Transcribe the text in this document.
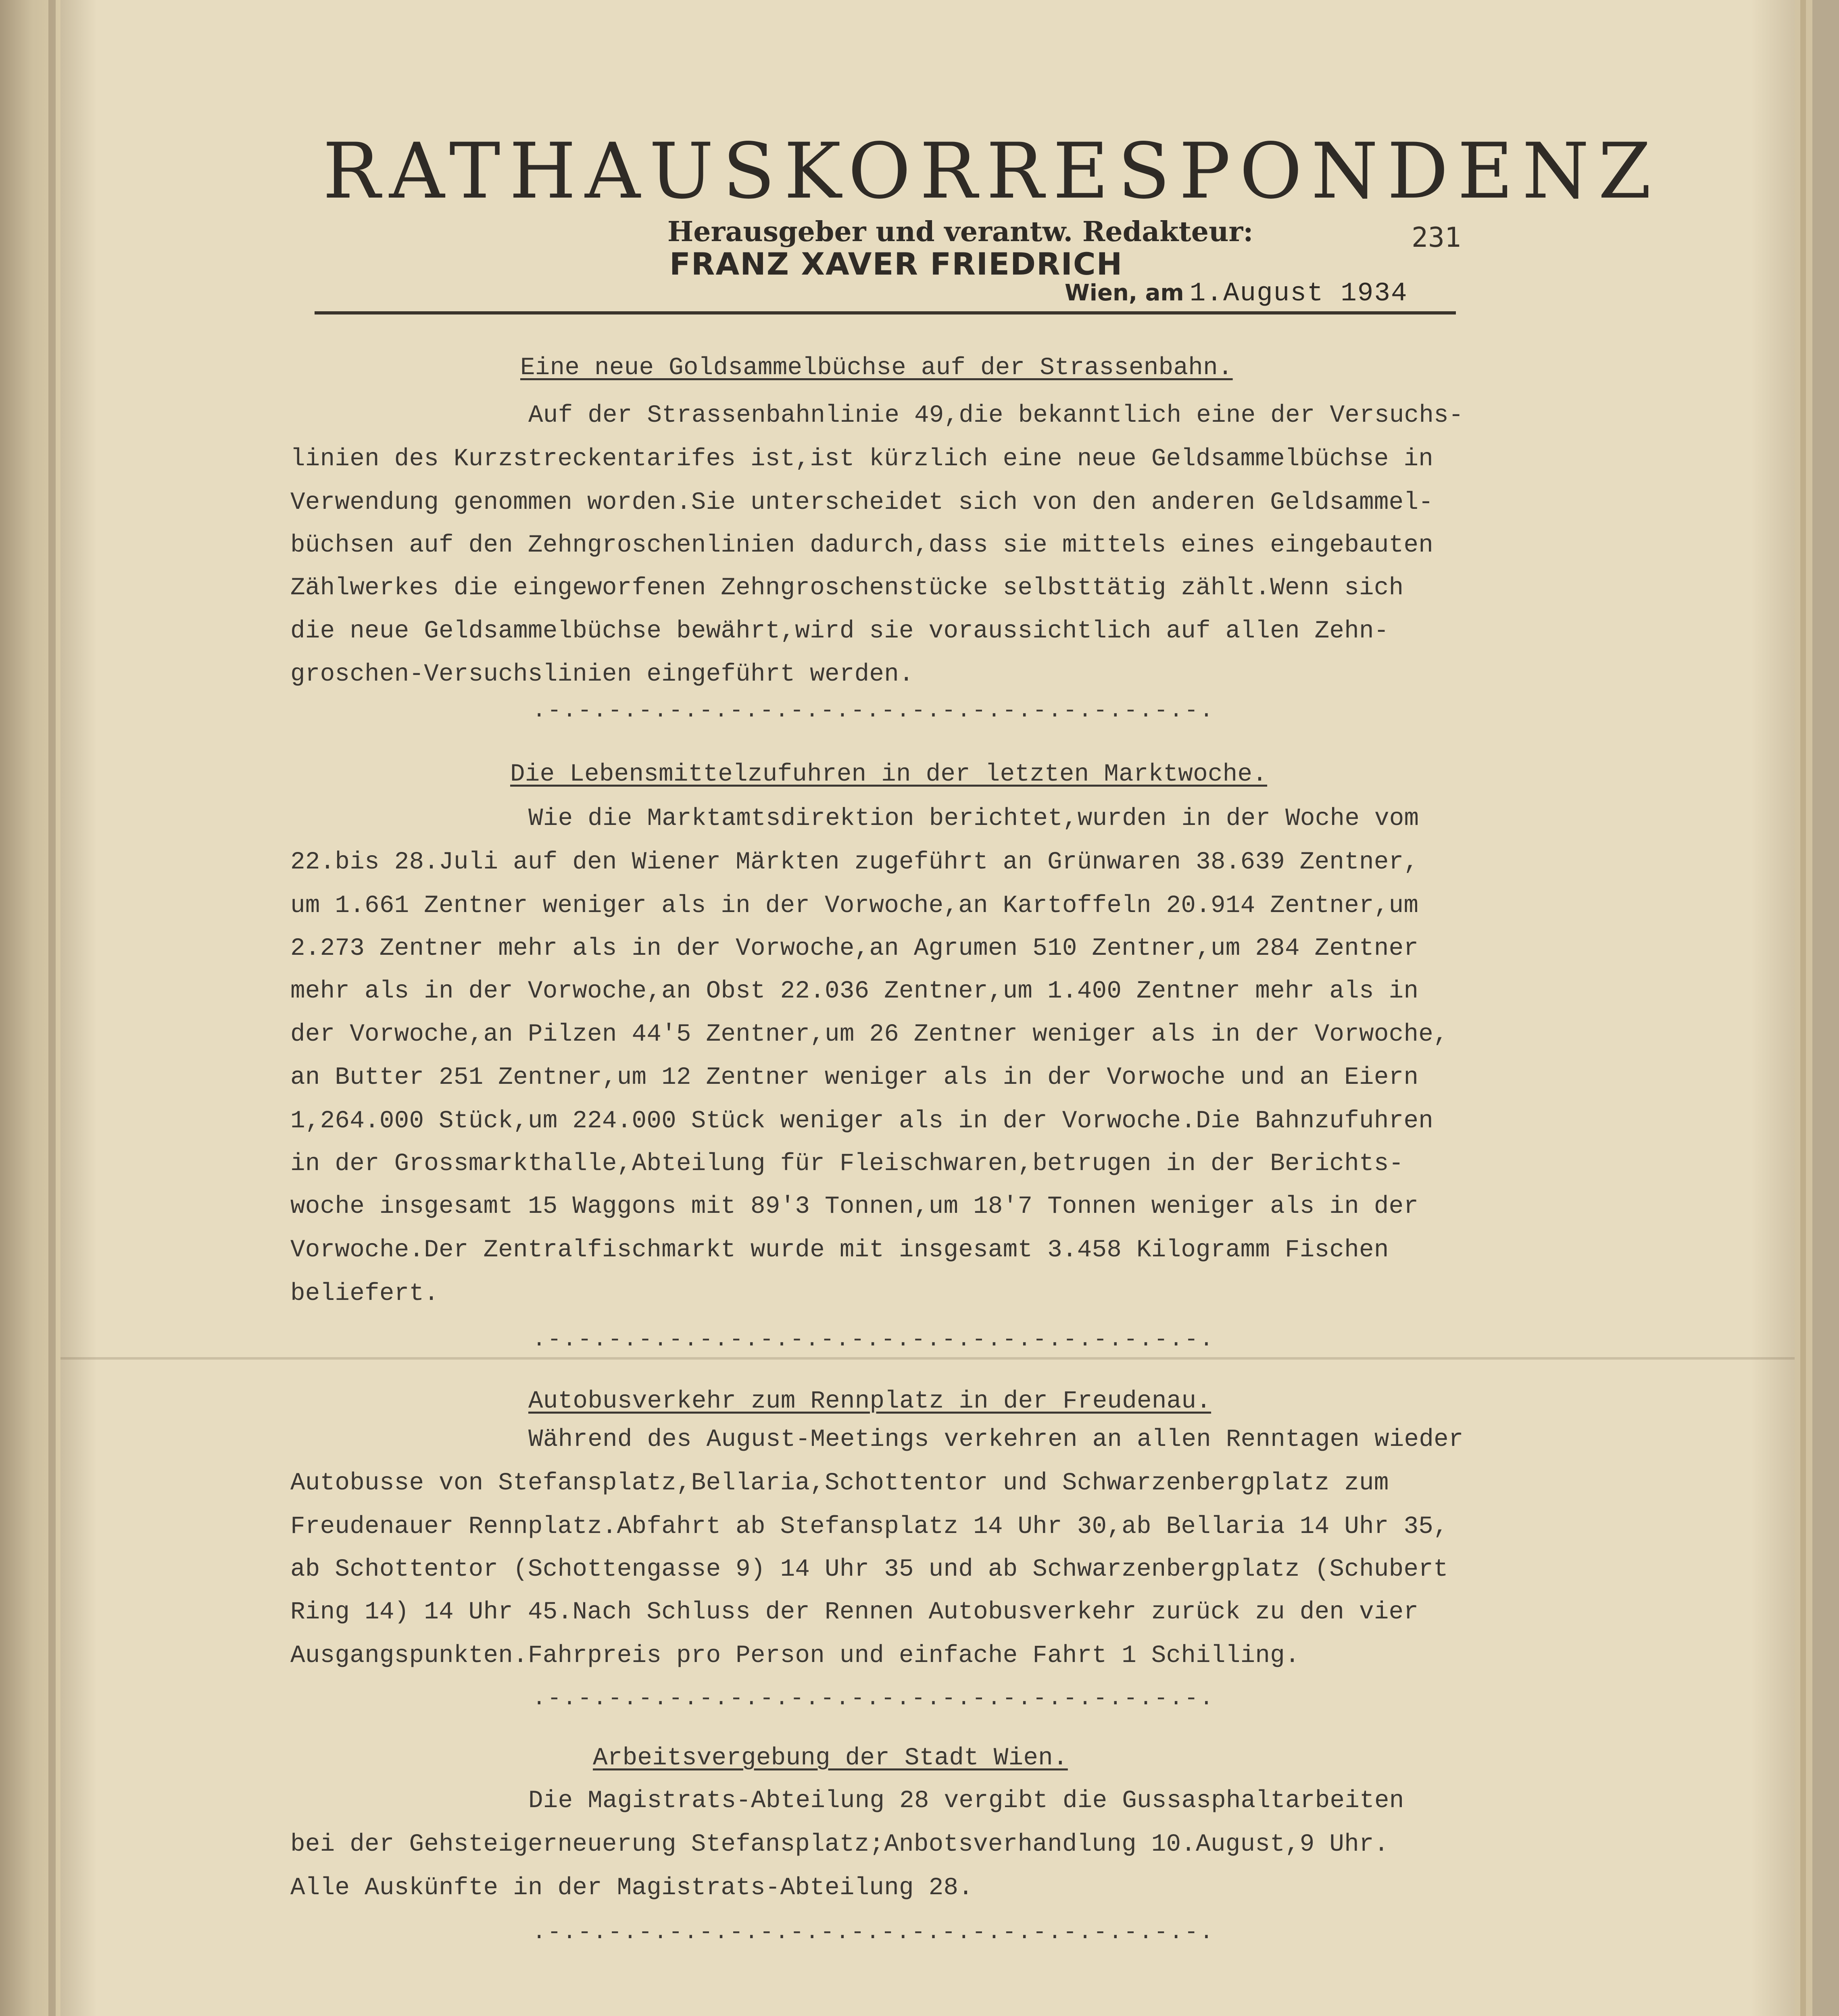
RATHAUSKORRESPONDENZ
Herausgeber und verantw. Redakteur:
FRANZ XAVER FRIEDRICH
231
Wien, am 1.August 1934
Eine neue Goldsammelbüchse auf der Strassenbahn.
Auf der Strassenbahnlinie 49,die bekanntlich eine der Versuchs-
linien des Kurzstreckentarifes ist,ist kürzlich eine neue Geldsammelbüchse in
Verwendung genommen worden.Sie unterscheidet sich von den anderen Geldsammel-
büchsen auf den Zehngroschenlinien dadurch,dass sie mittels eines eingebauten
Zählwerkes die eingeworfenen Zehngroschenstücke selbsttätig zählt.Wenn sich
die neue Geldsammelbüchse bewährt,wird sie voraussichtlich auf allen Zehn-
groschen-Versuchslinien eingeführt werden.
.-.-.-.-.-.-.-.-.-.-.-.-.-.-.-.-.-.-.-.-.-.-.
Die Lebensmittelzufuhren in der letzten Marktwoche.
Wie die Marktamtsdirektion berichtet,wurden in der Woche vom
22.bis 28.Juli auf den Wiener Märkten zugeführt an Grünwaren 38.639 Zentner,
um 1.661 Zentner weniger als in der Vorwoche,an Kartoffeln 20.914 Zentner,um
2.273 Zentner mehr als in der Vorwoche,an Agrumen 510 Zentner,um 284 Zentner
mehr als in der Vorwoche,an Obst 22.036 Zentner,um 1.400 Zentner mehr als in
der Vorwoche,an Pilzen 44'5 Zentner,um 26 Zentner weniger als in der Vorwoche,
an Butter 251 Zentner,um 12 Zentner weniger als in der Vorwoche und an Eiern
1,264.000 Stück,um 224.000 Stück weniger als in der Vorwoche.Die Bahnzufuhren
in der Grossmarkthalle,Abteilung für Fleischwaren,betrugen in der Berichts-
woche insgesamt 15 Waggons mit 89'3 Tonnen,um 18'7 Tonnen weniger als in der
Vorwoche.Der Zentralfischmarkt wurde mit insgesamt 3.458 Kilogramm Fischen
beliefert.
.-.-.-.-.-.-.-.-.-.-.-.-.-.-.-.-.-.-.-.-.-.-.
Autobusverkehr zum Rennplatz in der Freudenau.
Während des August-Meetings verkehren an allen Renntagen wieder
Autobusse von Stefansplatz,Bellaria,Schottentor und Schwarzenbergplatz zum
Freudenauer Rennplatz.Abfahrt ab Stefansplatz 14 Uhr 30,ab Bellaria 14 Uhr 35,
ab Schottentor (Schottengasse 9) 14 Uhr 35 und ab Schwarzenbergplatz (Schubert
Ring 14) 14 Uhr 45.Nach Schluss der Rennen Autobusverkehr zurück zu den vier
Ausgangspunkten.Fahrpreis pro Person und einfache Fahrt 1 Schilling.
.-.-.-.-.-.-.-.-.-.-.-.-.-.-.-.-.-.-.-.-.-.-.
Arbeitsvergebung der Stadt Wien.
Die Magistrats-Abteilung 28 vergibt die Gussasphaltarbeiten
bei der Gehsteigerneuerung Stefansplatz;Anbotsverhandlung 10.August,9 Uhr.
Alle Auskünfte in der Magistrats-Abteilung 28.
.-.-.-.-.-.-.-.-.-.-.-.-.-.-.-.-.-.-.-.-.-.-.
